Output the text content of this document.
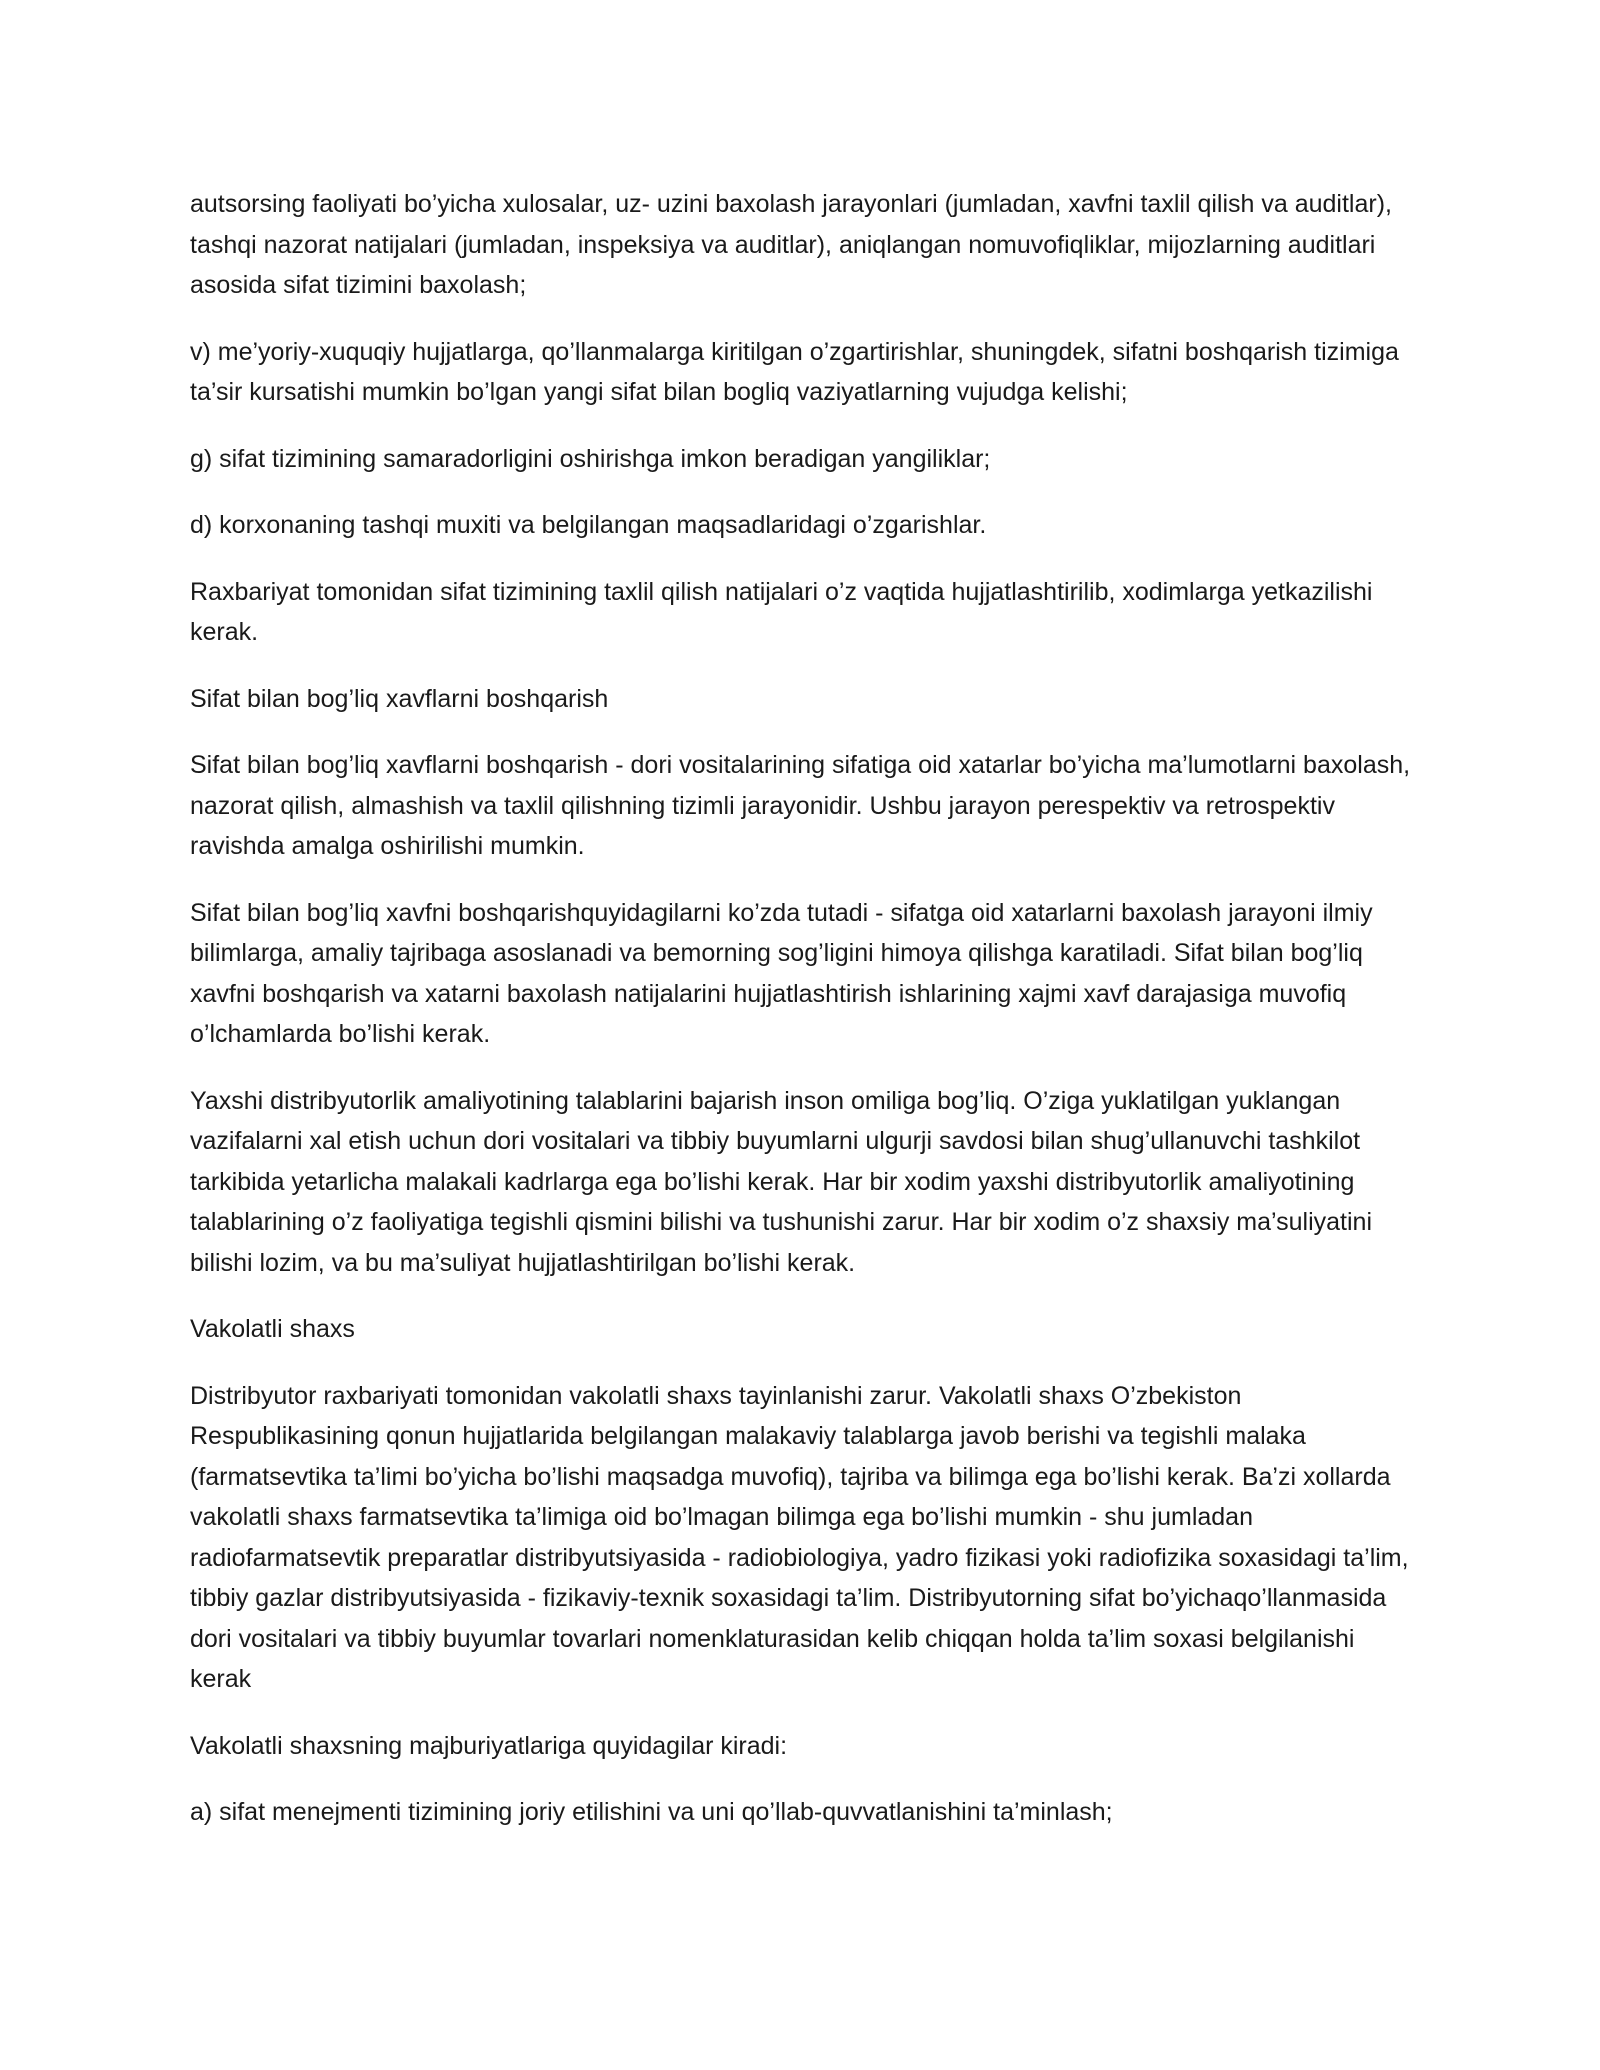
autsorsing faoliyati bo’yicha xulosalar, uz- uzini baxolash jarayonlari (jumladan, xavfni taxlil qilish va auditlar), tashqi nazorat natijalari (jumladan, inspeksiya va auditlar), aniqlangan nomuvofiqliklar, mijozlarning auditlari asosida sifat tizimini baxolash;

v) me’yoriy-xuquqiy hujjatlarga, qo’llanmalarga kiritilgan o’zgartirishlar, shuningdek, sifatni boshqarish tizimiga ta’sir kursatishi mumkin bo’lgan yangi sifat bilan bogliq vaziyatlarning vujudga kelishi;

g) sifat tizimining samaradorligini oshirishga imkon beradigan yangiliklar;

d) korxonaning tashqi muxiti va belgilangan maqsadlaridagi o’zgarishlar.

Raxbariyat tomonidan sifat tizimining taxlil qilish natijalari o’z vaqtida hujjatlashtirilib, xodimlarga yetkazilishi kerak.

Sifat bilan bog’liq xavflarni boshqarish

Sifat bilan bog’liq xavflarni boshqarish - dori vositalarining sifatiga oid xatarlar bo’yicha ma’lumotlarni baxolash, nazorat qilish, almashish va taxlil qilishning tizimli jarayonidir. Ushbu jarayon perespektiv va retrospektiv ravishda amalga oshirilishi mumkin.

Sifat bilan bog’liq xavfni boshqarishquyidagilarni ko’zda tutadi - sifatga oid xatarlarni baxolash jarayoni ilmiy bilimlarga, amaliy tajribaga asoslanadi va bemorning sog’ligini himoya qilishga karatiladi. Sifat bilan bog’liq xavfni boshqarish va xatarni baxolash natijalarini hujjatlashtirish ishlarining xajmi xavf darajasiga muvofiq o’lchamlarda bo’lishi kerak.

Yaxshi distribyutorlik amaliyotining talablarini bajarish inson omiliga bog’liq. O’ziga yuklatilgan yuklangan vazifalarni xal etish uchun dori vositalari va tibbiy buyumlarni ulgurji savdosi bilan shug’ullanuvchi tashkilot tarkibida yetarlicha malakali kadrlarga ega bo’lishi kerak. Har bir xodim yaxshi distribyutorlik amaliyotining talablarining o’z faoliyatiga tegishli qismini bilishi va tushunishi zarur. Har bir xodim o’z shaxsiy ma’suliyatini bilishi lozim, va bu ma’suliyat hujjatlashtirilgan bo’lishi kerak.

Vakolatli shaxs

Distribyutor raxbariyati tomonidan vakolatli shaxs tayinlanishi zarur. Vakolatli shaxs O’zbekiston Respublikasining qonun hujjatlarida belgilangan malakaviy talablarga javob berishi va tegishli malaka (farmatsevtika ta’limi bo’yicha bo’lishi maqsadga muvofiq), tajriba va bilimga ega bo’lishi kerak. Ba’zi xollarda vakolatli shaxs farmatsevtika ta’limiga oid bo’lmagan bilimga ega bo’lishi mumkin - shu jumladan radiofarmatsevtik preparatlar distribyutsiyasida - radiobiologiya, yadro fizikasi yoki radiofizika soxasidagi ta’lim, tibbiy gazlar distribyutsiyasida - fizikaviy-texnik soxasidagi ta’lim. Distribyutorning sifat bo’yichaqo’llanmasida dori vositalari va tibbiy buyumlar tovarlari nomenklaturasidan kelib chiqqan holda ta’lim soxasi belgilanishi kerak

Vakolatli shaxsning majburiyatlariga quyidagilar kiradi:

a) sifat menejmenti tizimining joriy etilishini va uni qo’llab-quvvatlanishini ta’minlash;
